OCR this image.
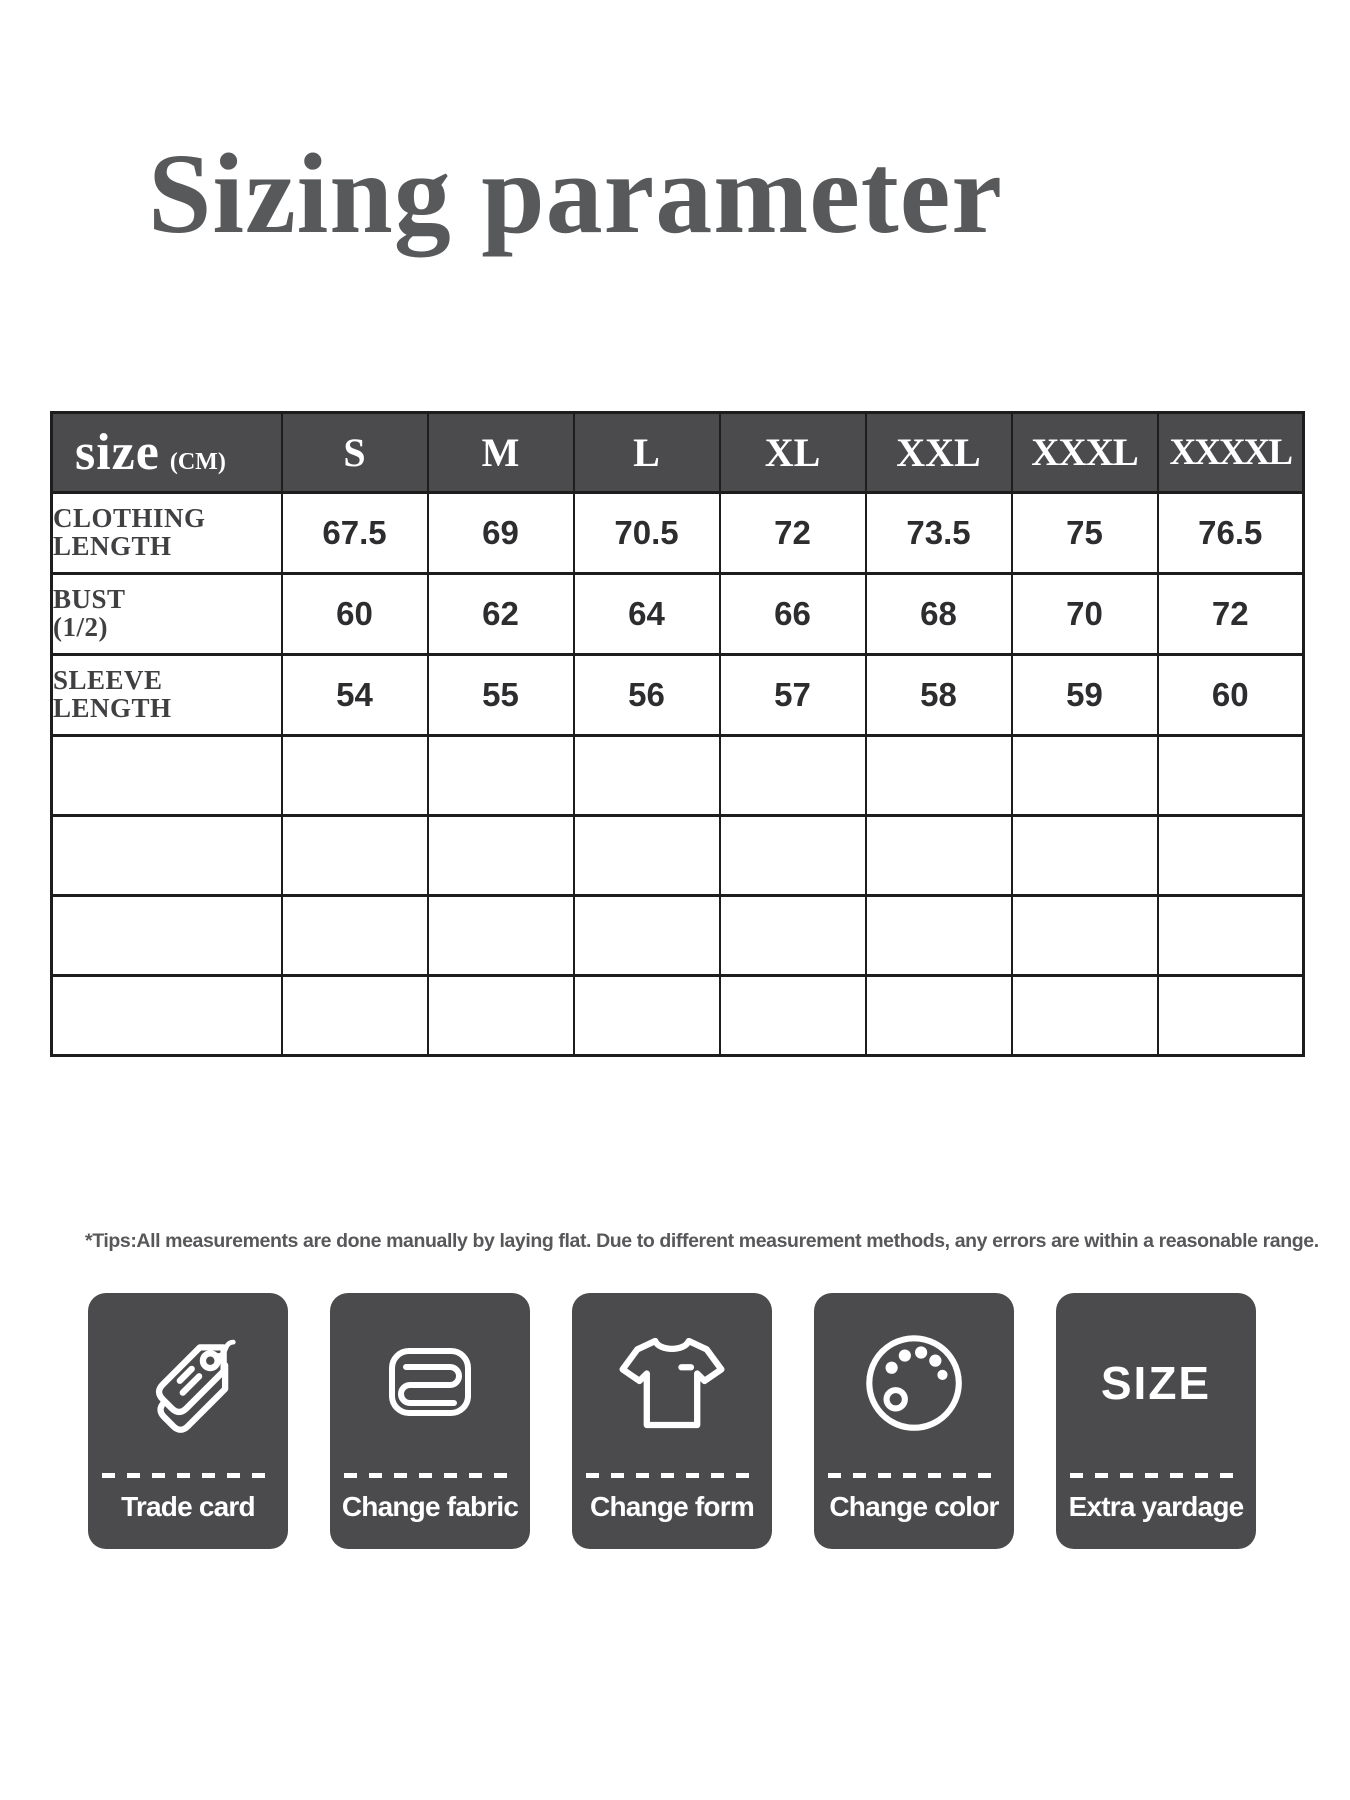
Sizing parameter
size (CM)	S	M	L	XL	XXL	XXXL	XXXXL

CLOTHING
LENGTH	67.5	69	70.5	72	73.5	75	76.5

BUST
(1/2)	60	62	64	66	68	70	72

SLEEVE
LENGTH	54	55	56	57	58	59	60

*Tips:All measurements are done manually by laying flat. Due to different measurement methods, any errors are within a reasonable range.
Trade card	Change fabric	Change form	Change color
SIZE
Extra yardage
